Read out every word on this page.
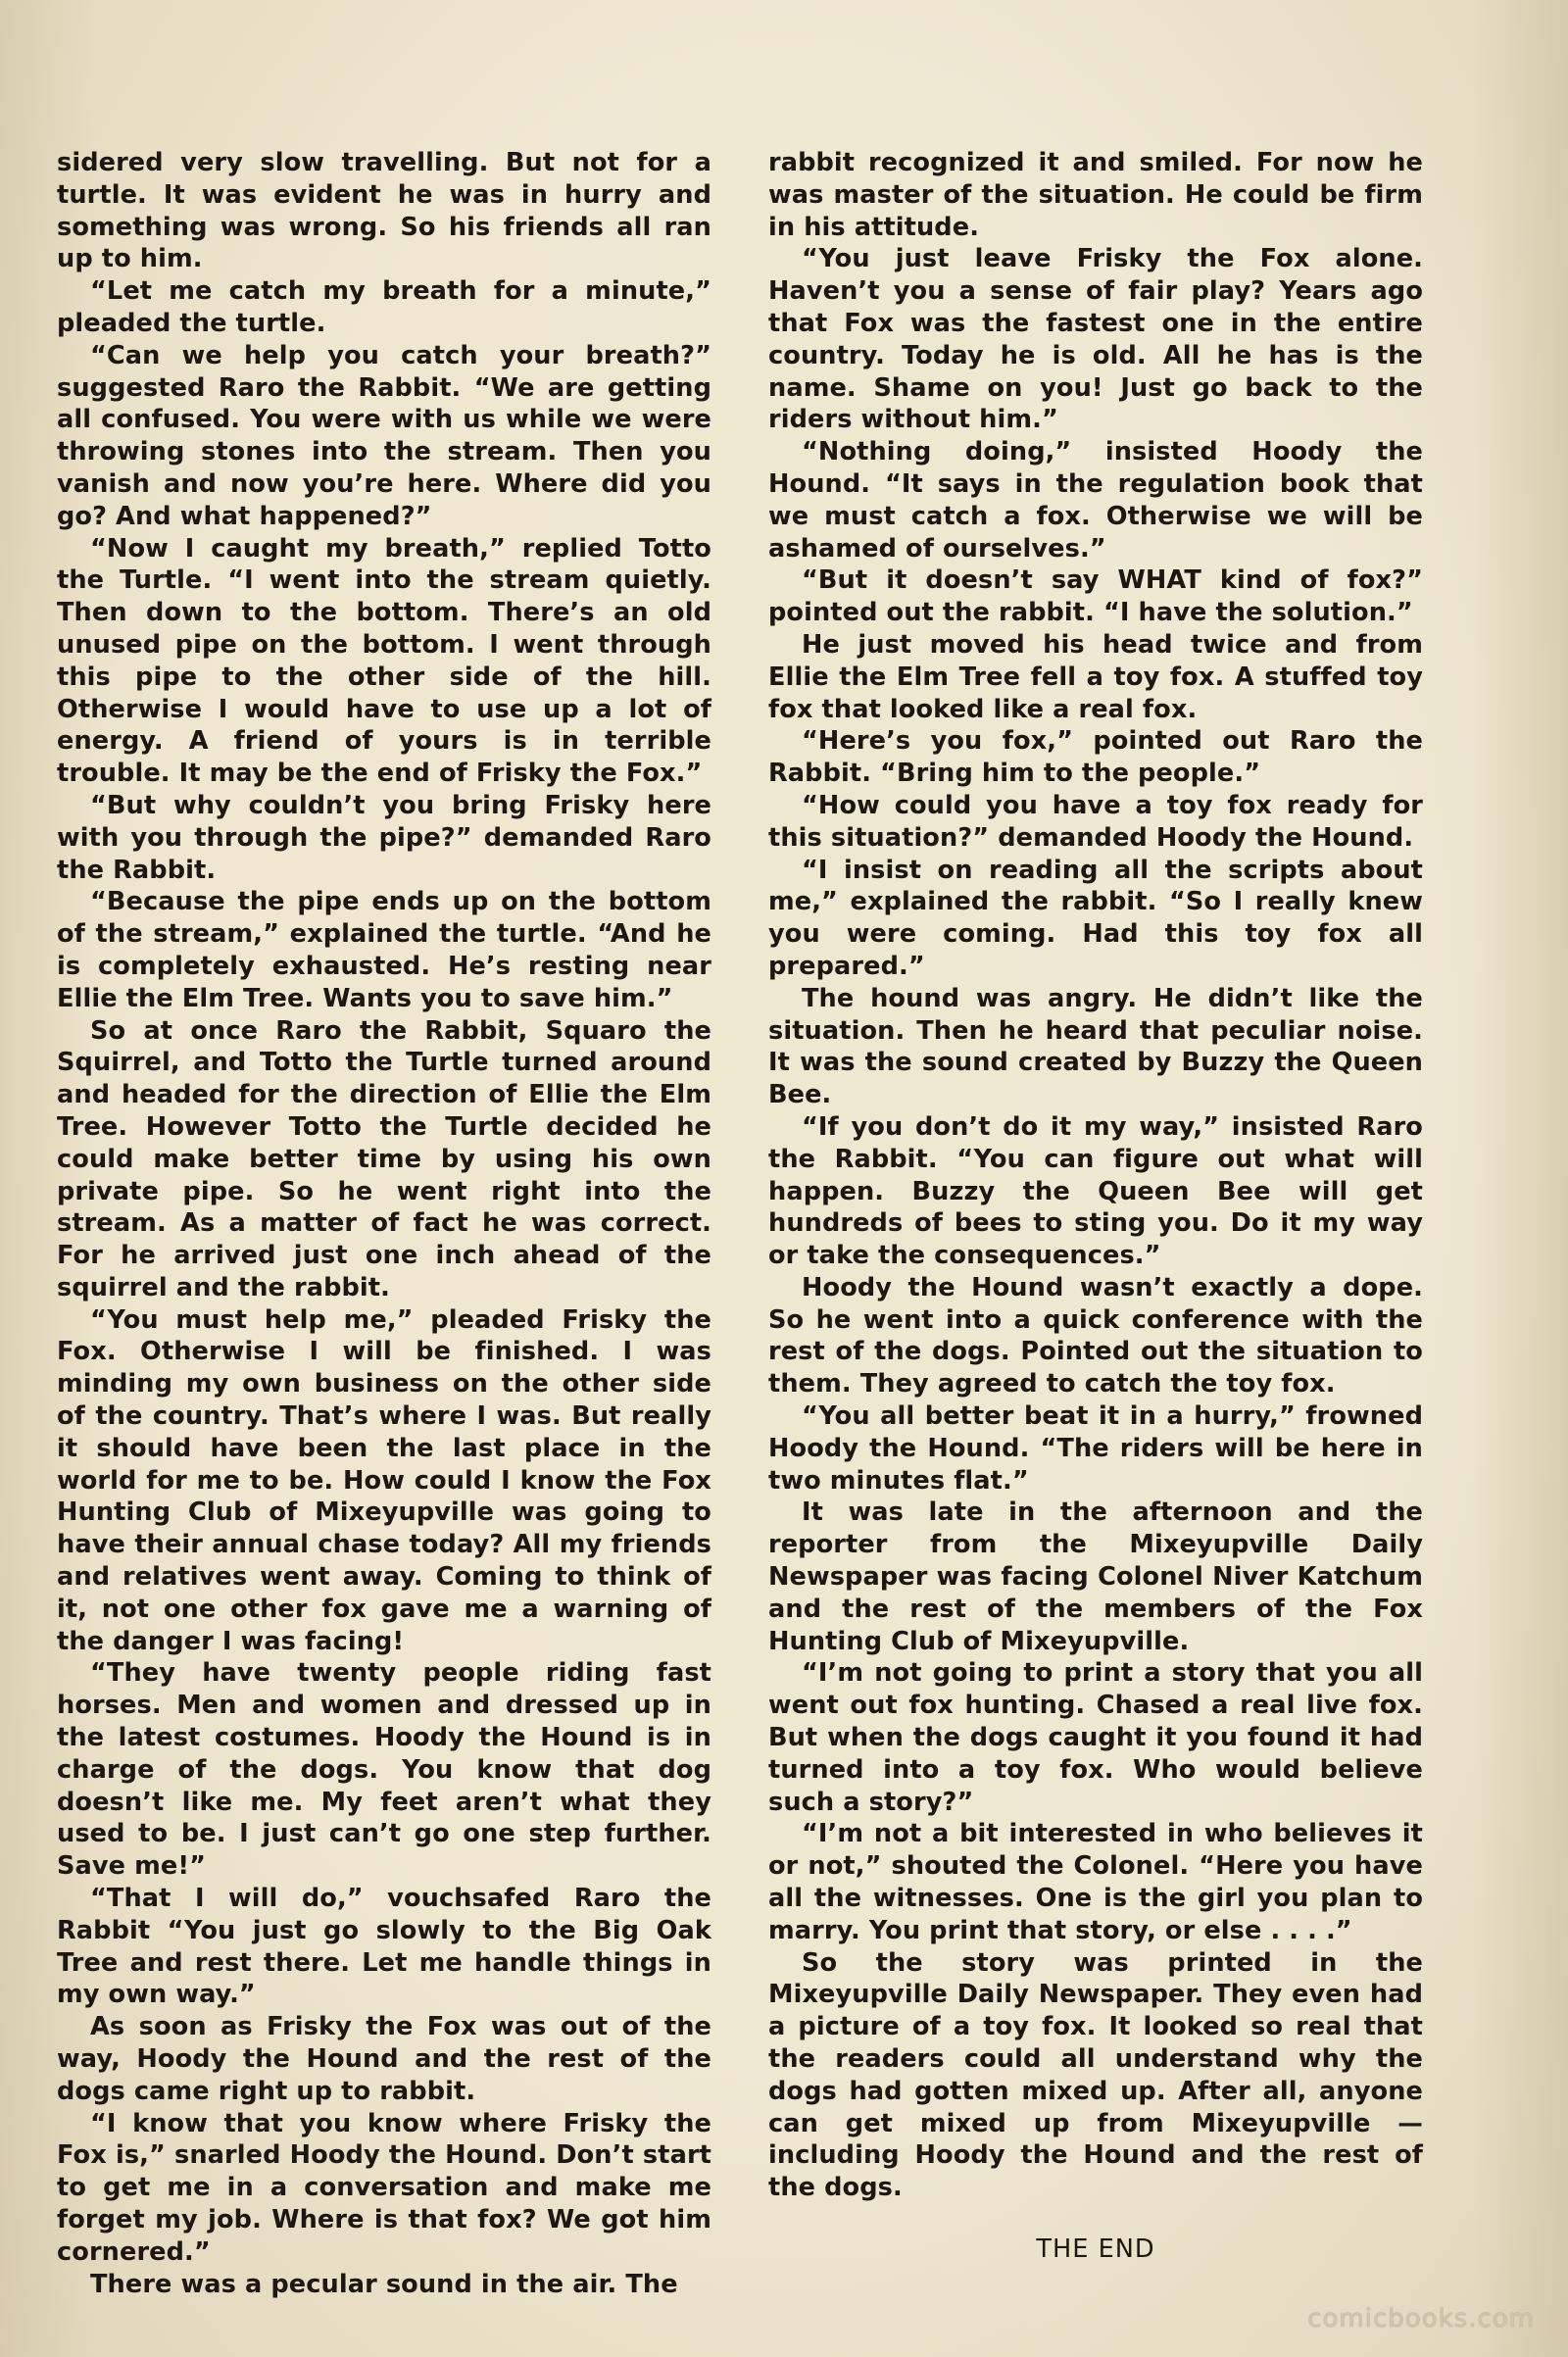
sidered very slow travelling. But not for a turtle. It was evident he was in hurry and something was wrong. So his friends all ran up to him.

“Let me catch my breath for a minute,” pleaded the turtle.

“Can we help you catch your breath?” suggested Raro the Rabbit. “We are getting all confused. You were with us while we were throwing stones into the stream. Then you vanish and now you’re here. Where did you go? And what happened?”

“Now I caught my breath,” replied Totto the Turtle. “I went into the stream quietly. Then down to the bottom. There’s an old unused pipe on the bottom. I went through this pipe to the other side of the hill. Otherwise I would have to use up a lot of energy. A friend of yours is in terrible trouble. It may be the end of Frisky the Fox.”

“But why couldn’t you bring Frisky here with you through the pipe?” demanded Raro the Rabbit.

“Because the pipe ends up on the bottom of the stream,” explained the turtle. “And he is completely exhausted. He’s resting near Ellie the Elm Tree. Wants you to save him.”

So at once Raro the Rabbit, Squaro the Squirrel, and Totto the Turtle turned around and headed for the direction of Ellie the Elm Tree. However Totto the Turtle decided he could make better time by using his own private pipe. So he went right into the stream. As a matter of fact he was correct. For he arrived just one inch ahead of the squirrel and the rabbit.

“You must help me,” pleaded Frisky the Fox. Otherwise I will be finished. I was minding my own business on the other side of the country. That’s where I was. But really it should have been the last place in the world for me to be. How could I know the Fox Hunting Club of Mixeyupville was going to have their annual chase today? All my friends and relatives went away. Coming to think of it, not one other fox gave me a warning of the danger I was facing!

“They have twenty people riding fast horses. Men and women and dressed up in the latest costumes. Hoody the Hound is in charge of the dogs. You know that dog doesn’t like me. My feet aren’t what they used to be. I just can’t go one step further. Save me!”

“That I will do,” vouchsafed Raro the Rabbit “You just go slowly to the Big Oak Tree and rest there. Let me handle things in my own way.”

As soon as Frisky the Fox was out of the way, Hoody the Hound and the rest of the dogs came right up to rabbit.

“I know that you know where Frisky the Fox is,” snarled Hoody the Hound. Don’t start to get me in a conversation and make me forget my job. Where is that fox? We got him cornered.”

There was a pecular sound in the air. The

rabbit recognized it and smiled. For now he was master of the situation. He could be firm in his attitude.

“You just leave Frisky the Fox alone. Haven’t you a sense of fair play? Years ago that Fox was the fastest one in the entire country. Today he is old. All he has is the name. Shame on you! Just go back to the riders without him.”

“Nothing doing,” insisted Hoody the Hound. “It says in the regulation book that we must catch a fox. Otherwise we will be ashamed of ourselves.”

“But it doesn’t say WHAT kind of fox?” pointed out the rabbit. “I have the solution.”

He just moved his head twice and from Ellie the Elm Tree fell a toy fox. A stuffed toy fox that looked like a real fox.

“Here’s you fox,” pointed out Raro the Rabbit. “Bring him to the people.”

“How could you have a toy fox ready for this situation?” demanded Hoody the Hound.

“I insist on reading all the scripts about me,” explained the rabbit. “So I really knew you were coming. Had this toy fox all prepared.”

The hound was angry. He didn’t like the situation. Then he heard that peculiar noise. It was the sound created by Buzzy the Queen Bee.

“If you don’t do it my way,” insisted Raro the Rabbit. “You can figure out what will happen. Buzzy the Queen Bee will get hundreds of bees to sting you. Do it my way or take the consequences.”

Hoody the Hound wasn’t exactly a dope. So he went into a quick conference with the rest of the dogs. Pointed out the situation to them. They agreed to catch the toy fox.

“You all better beat it in a hurry,” frowned Hoody the Hound. “The riders will be here in two minutes flat.”

It was late in the afternoon and the reporter from the Mixeyupville Daily Newspaper was facing Colonel Niver Katchum and the rest of the members of the Fox Hunting Club of Mixeyupville.

“I’m not going to print a story that you all went out fox hunting. Chased a real live fox. But when the dogs caught it you found it had turned into a toy fox. Who would believe such a story?”

“I’m not a bit interested in who believes it or not,” shouted the Colonel. “Here you have all the witnesses. One is the girl you plan to marry. You print that story, or else . . . .”

So the story was printed in the Mixeyupville Daily Newspaper. They even had a picture of a toy fox. It looked so real that the readers could all understand why the dogs had gotten mixed up. After all, anyone can get mixed up from Mixeyupville — including Hoody the Hound and the rest of the dogs.

THE END
comicbooks.com
